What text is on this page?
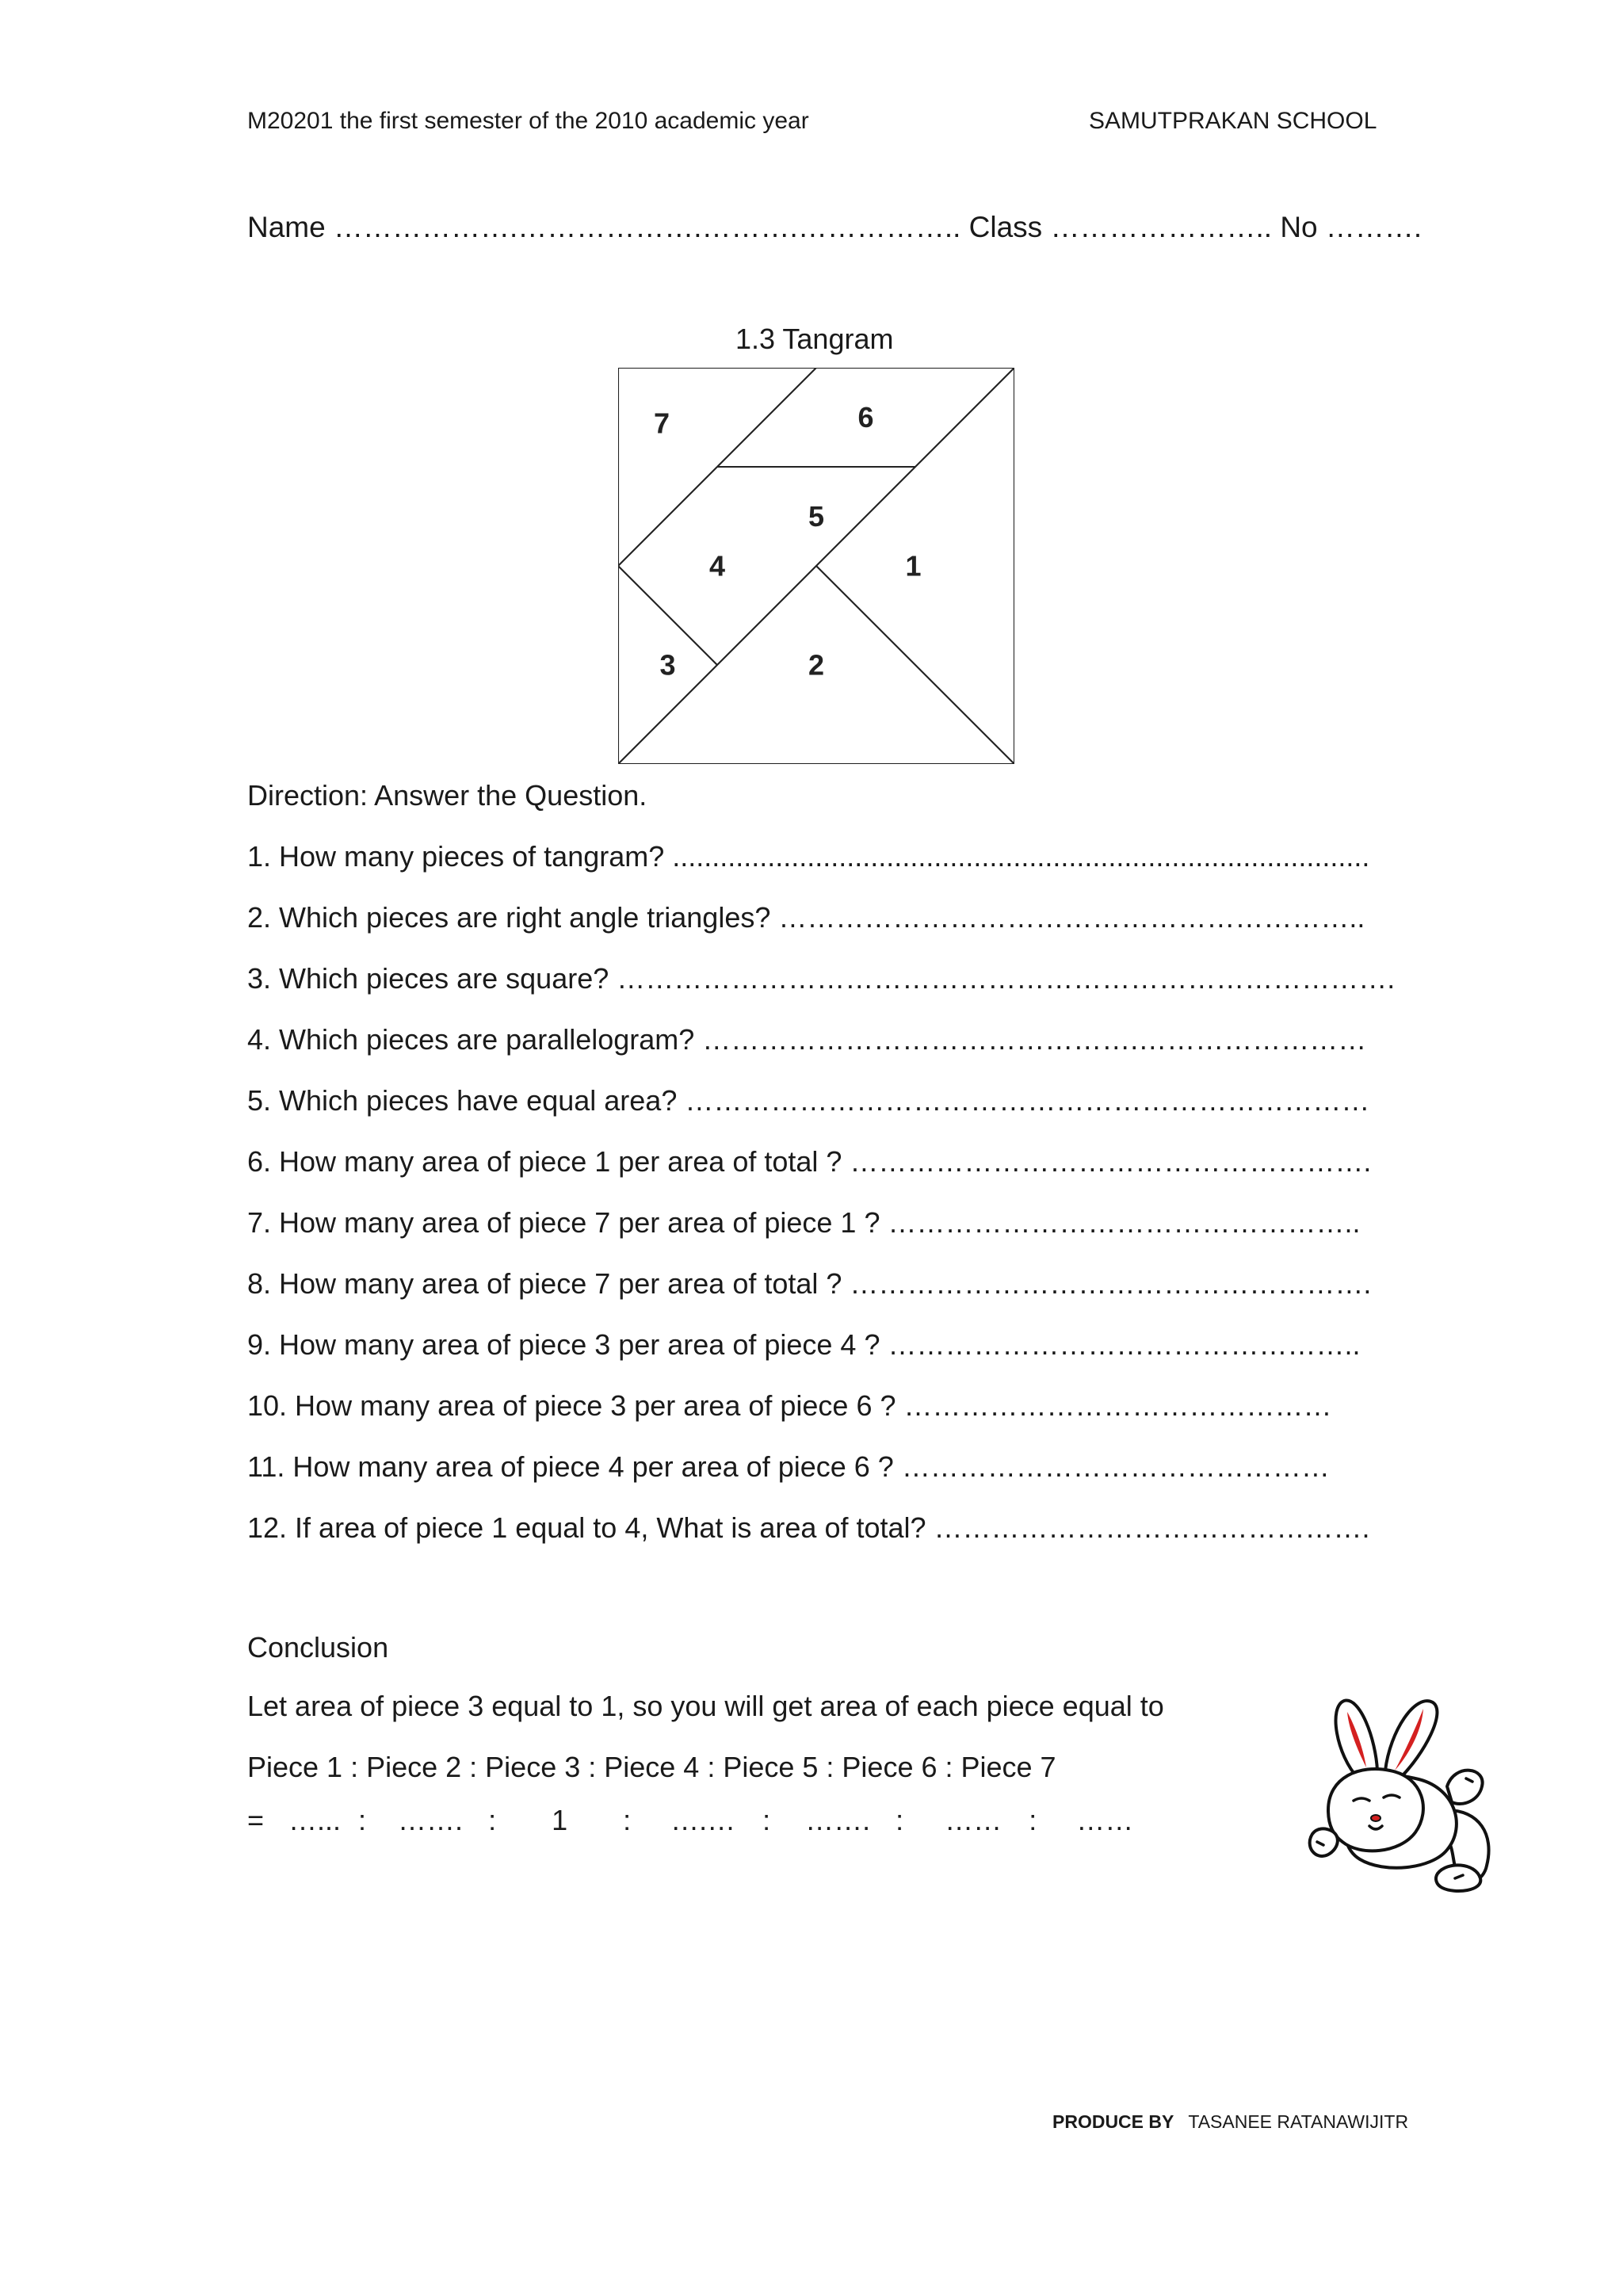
M20201 the first semester of the 2010 academic year	SAMUTPRAKAN SCHOOL
Name ……………….……………….……….…………….. Class ………………….. No ……….
1.3 Tangram
1
2
3
4
5
6
7
Direction: Answer the Question.
1. How many pieces of tangram? ........................................................................................
2. Which pieces are right angle triangles? ……………………………………………………..
3. Which pieces are square? ……………………………………………………………………….
4. Which pieces are parallelogram? ……………………………………….……………………
5. Which pieces have equal area? ………………………………………………………………
6. How many area of piece 1 per area of total ? ……………………………………………….
7. How many area of piece 7 per area of piece 1 ? …………………………………………..
8. How many area of piece 7 per area of total ? ……………………………………………….
9. How many area of piece 3 per area of piece 4 ? …………………………………………..
10. How many area of piece 3 per area of piece 6 ? ………………………………………
11. How many area of piece 4 per area of piece 6 ? ………………………………………
12. If area of piece 1 equal to 4, What is area of total? ……………………………………….
Conclusion
Let area of piece 3 equal to 1, so you will get area of each piece equal to
Piece 1 : Piece 2 : Piece 3 : Piece 4 : Piece 5 : Piece 6 : Piece 7
= …... : ……. : 1 : ….… : ……. : …… : ……
PRODUCE BY TASANEE RATANAWIJITR
